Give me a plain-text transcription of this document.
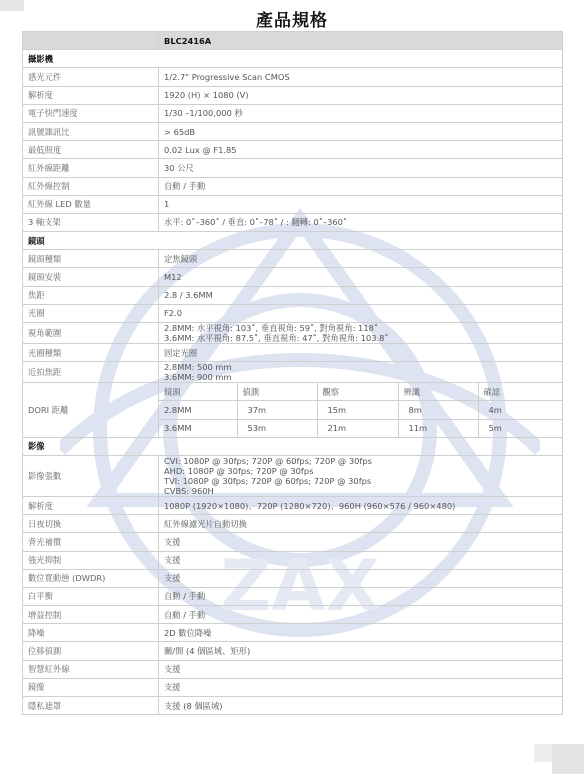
ZAX
產品規格
	BLC2416A
攝影機
感光元件	1/2.7" Progressive Scan CMOS
解析度	1920 (H) × 1080 (V)
電子快門速度	1/30 –1/100,000 秒
訊號雜訊比	> 65dB
最低照度	0.02 Lux @ F1.85
紅外線距離	30 公尺
紅外線控制	自動 / 手動
紅外線 LED 數量	1
3 軸支架	水平: 0˚–360˚ / 垂直: 0˚–78˚ / : 翻轉: 0˚–360˚
鏡頭
鏡頭種類	定焦鏡頭
鏡頭安裝	M12
焦距	2.8 / 3.6MM
光圈	F2.0
視角範圍	2.8MM: 水平視角: 103˚, 垂直視角: 59˚, 對角視角: 118˚
3.6MM: 水平視角: 87.5˚, 垂直視角: 47˚, 對角視角: 103.8˚

光圈種類	固定光圈
近拍焦距	2.8MM: 500 mm
3.6MM: 900 mm

DORI 距離	
鏡頭	偵測	觀察	辨識	確認
2.8MM	37m	15m	8m	4m
3.6MM	53m	21m	11m	5m

影像
影像張數	
CVI: 1080P @ 30fps; 720P @ 60fps; 720P @ 30fps
AHD: 1080P @ 30fps; 720P @ 30fps
TVI: 1080P @ 30fps; 720P @ 60fps; 720P @ 30fps
CVBS: 960H

解析度	1080P (1920×1080)、720P (1280×720)、960H (960×576 / 960×480)
日夜切換	紅外線濾光片自動切換
背光補償	支援
強光抑制	支援
數位寬動態 (DWDR)	支援
白平衡	自動 / 手動
增益控制	自動 / 手動
降噪	2D 數位降噪
位移偵測	關/開 (4 個區域、矩形)
智慧紅外線	支援
鏡像	支援
隱私遮罩	支援 (8 個區域)
